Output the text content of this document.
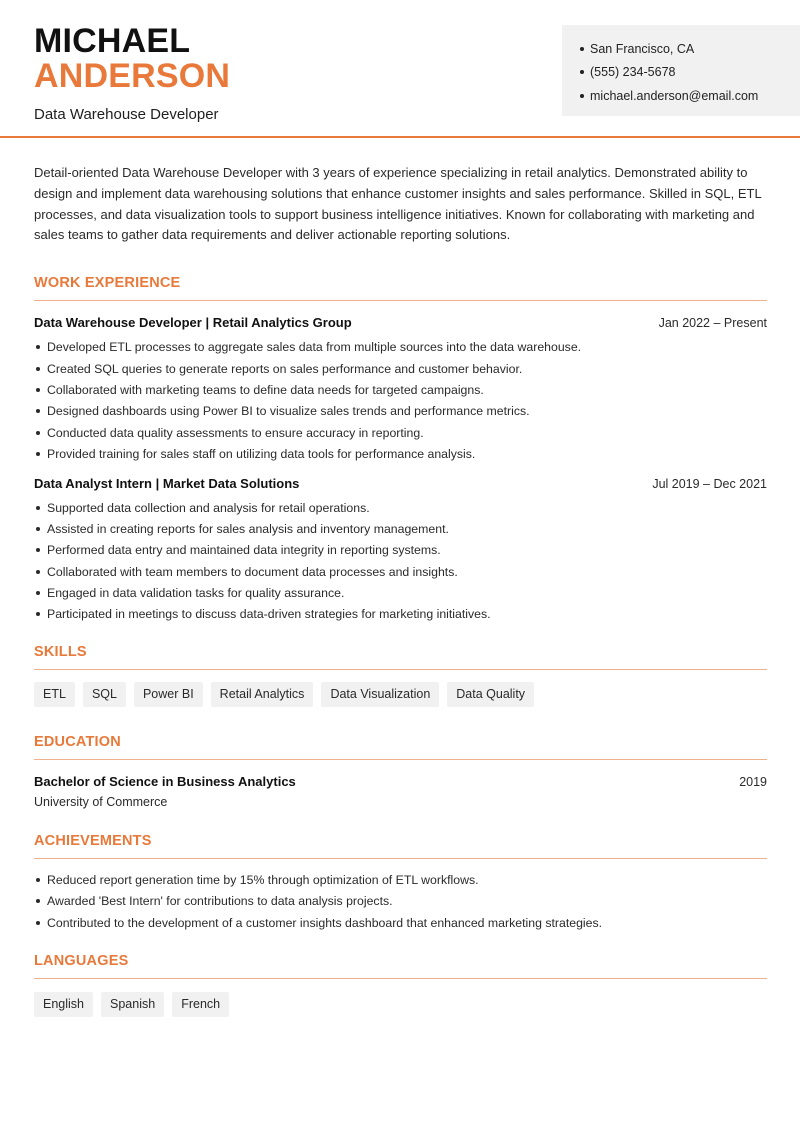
MICHAEL
ANDERSON
Data Warehouse Developer
San Francisco, CA
(555) 234-5678
michael.anderson@email.com

Detail-oriented Data Warehouse Developer with 3 years of experience specializing in retail analytics. Demonstrated ability to design and implement data warehousing solutions that enhance customer insights and sales performance. Skilled in SQL, ETL processes, and data visualization tools to support business intelligence initiatives. Known for collaborating with marketing and sales teams to gather data requirements and deliver actionable reporting solutions.

WORK EXPERIENCE
Data Warehouse Developer | Retail Analytics Group	Jan 2022 – Present
Developed ETL processes to aggregate sales data from multiple sources into the data warehouse.
Created SQL queries to generate reports on sales performance and customer behavior.
Collaborated with marketing teams to define data needs for targeted campaigns.
Designed dashboards using Power BI to visualize sales trends and performance metrics.
Conducted data quality assessments to ensure accuracy in reporting.
Provided training for sales staff on utilizing data tools for performance analysis.
Data Analyst Intern | Market Data Solutions	Jul 2019 – Dec 2021
Supported data collection and analysis for retail operations.
Assisted in creating reports for sales analysis and inventory management.
Performed data entry and maintained data integrity in reporting systems.
Collaborated with team members to document data processes and insights.
Engaged in data validation tasks for quality assurance.
Participated in meetings to discuss data-driven strategies for marketing initiatives.
SKILLS
ETL	SQL	Power BI	Retail Analytics	Data Visualization	Data Quality
EDUCATION
Bachelor of Science in Business Analytics	2019
University of Commerce
ACHIEVEMENTS
Reduced report generation time by 15% through optimization of ETL workflows.
Awarded 'Best Intern' for contributions to data analysis projects.
Contributed to the development of a customer insights dashboard that enhanced marketing strategies.
LANGUAGES
English	Spanish	French
